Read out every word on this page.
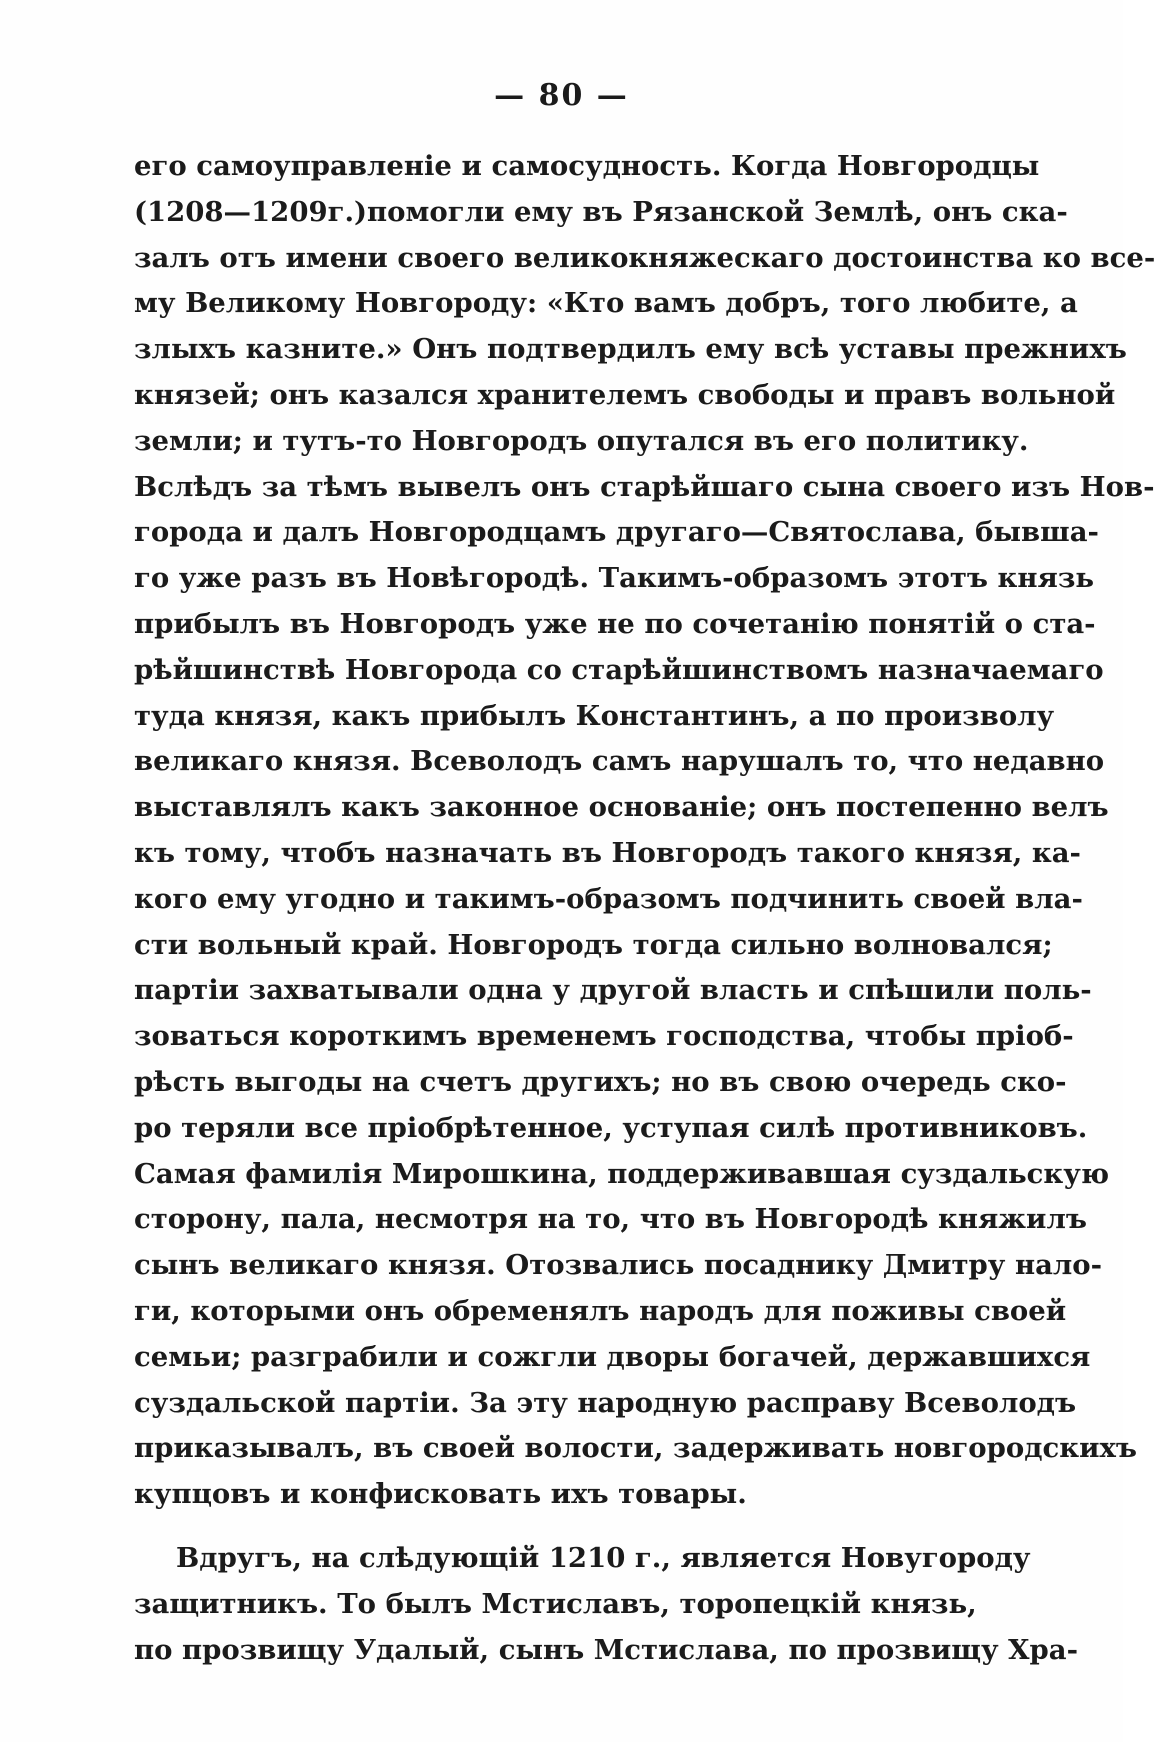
— 80 —
его самоуправленіе и самосудность. Когда Новгородцы
(1208—1209г.)помогли ему въ Рязанской Землѣ, онъ ска-
залъ отъ имени своего великокняжескаго достоинства ко все-
му Великому Новгороду: «Кто вамъ добръ, того любите, а
злыхъ казните.» Онъ подтвердилъ ему всѣ уставы прежнихъ
князей; онъ казался хранителемъ свободы и правъ вольной
земли; и тутъ-то Новгородъ опутался въ его политику.
Вслѣдъ за тѣмъ вывелъ онъ старѣйшаго сына своего изъ Нов-
города и далъ Новгородцамъ другаго—Святослава, бывша-
го уже разъ въ Новѣгородѣ. Такимъ-образомъ этотъ князь
прибылъ въ Новгородъ уже не по сочетанію понятій о ста-
рѣйшинствѣ Новгорода со старѣйшинствомъ назначаемаго
туда князя, какъ прибылъ Константинъ, а по произволу
великаго князя. Всеволодъ самъ нарушалъ то, что недавно
выставлялъ какъ законное основаніе; онъ постепенно велъ
къ тому, чтобъ назначать въ Новгородъ такого князя, ка-
кого ему угодно и такимъ-образомъ подчинить своей вла-
сти вольный край. Новгородъ тогда сильно волновался;
партіи захватывали одна у другой власть и спѣшили поль-
зоваться короткимъ временемъ господства, чтобы пріоб-
рѣсть выгоды на счетъ другихъ; но въ свою очередь ско-
ро теряли все пріобрѣтенное, уступая силѣ противниковъ.
Самая фамилія Мирошкина, поддерживавшая суздальскую
сторону, пала, несмотря на то, что въ Новгородѣ княжилъ
сынъ великаго князя. Отозвались посаднику Дмитру нало-
ги, которыми онъ обременялъ народъ для поживы своей
семьи; разграбили и сожгли дворы богачей, державшихся
суздальской партіи. За эту народную расправу Всеволодъ
приказывалъ, въ своей волости, задерживать новгородскихъ
купцовъ и конфисковать ихъ товары.
Вдругъ, на слѣдующій 1210 г., является Новугороду
защитникъ. То былъ Мстиславъ, торопецкій князь,
по прозвищу Удалый, сынъ Мстислава, по прозвищу Хра-
